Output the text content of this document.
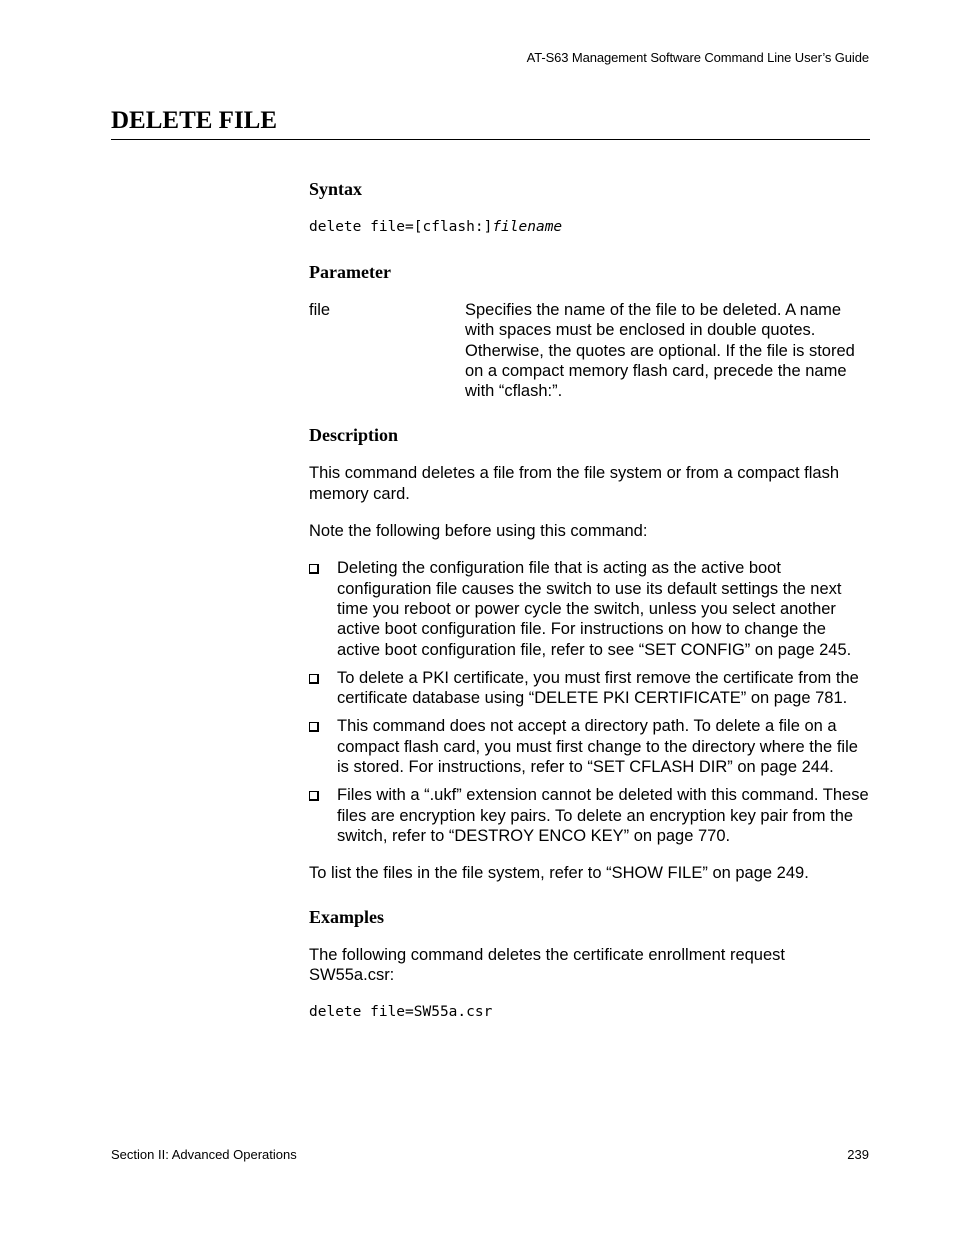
AT-S63 Management Software Command Line User’s Guide
DELETE FILE
Syntax
delete file=[cflash:]filename
Parameter
file	Specifies the name of the file to be deleted. A name with spaces must be enclosed in double quotes. Otherwise, the quotes are optional. If the file is stored on a compact memory flash card, precede the name with “cflash:”.
Description

This command deletes a file from the file system or from a compact flash memory card.

Note the following before using this command:

Deleting the configuration file that is acting as the active boot configuration file causes the switch to use its default settings the next time you reboot or power cycle the switch, unless you select another active boot configuration file. For instructions on how to change the active boot configuration file, refer to see “SET CONFIG” on page 245.
To delete a PKI certificate, you must first remove the certificate from the certificate database using “DELETE PKI CERTIFICATE” on page 781.
This command does not accept a directory path. To delete a file on a compact flash card, you must first change to the directory where the file is stored. For instructions, refer to “SET CFLASH DIR” on page 244.
Files with a “.ukf” extension cannot be deleted with this command. These files are encryption key pairs. To delete an encryption key pair from the switch, refer to “DESTROY ENCO KEY” on page 770.

To list the files in the file system, refer to “SHOW FILE” on page 249.

Examples

The following command deletes the certificate enrollment request SW55a.csr:

delete file=SW55a.csr
Section II: Advanced Operations	239
